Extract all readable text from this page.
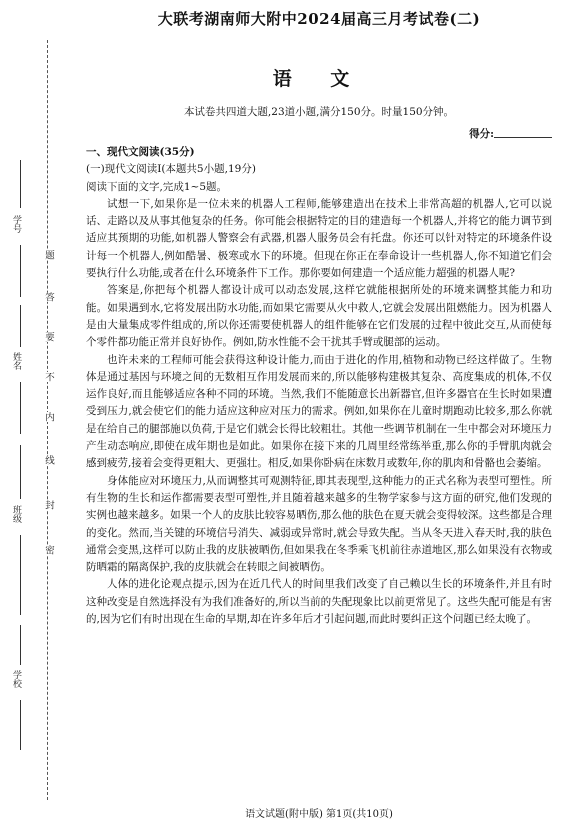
学号
姓名
班级
学校
密
封
线
内
不
要
答
题
大联考湖南师大附中2024届高三月考试卷(二)
语 文
本试卷共四道大题,23道小题,满分150分。时量150分钟。
得分:
一、现代文阅读(35分)
(一)现代文阅读Ⅰ(本题共5小题,19分)
阅读下面的文字,完成1~5题。

试想一下,如果你是一位未来的机器人工程师,能够建造出在技术上非常高超的机器人,它可以说话、走路以及从事其他复杂的任务。你可能会根据特定的目的建造每一个机器人,并将它的能力调节到适应其预期的功能,如机器人警察会有武器,机器人服务员会有托盘。你还可以针对特定的环境条件设计每一个机器人,例如酷暑、极寒或水下的环境。但现在你正在奉命设计一些机器人,你不知道它们会要执行什么功能,或者在什么环境条件下工作。那你要如何建造一个适应能力超强的机器人呢?

答案是,你把每个机器人都设计成可以动态发展,这样它就能根据所处的环境来调整其能力和功能。如果遇到水,它将发展出防水功能,而如果它需要从火中救人,它就会发展出阻燃能力。因为机器人是由大量集成零件组成的,所以你还需要使机器人的组件能够在它们发展的过程中彼此交互,从而使每个零件都功能正常并良好协作。例如,防水性能不会干扰其手臂或腿部的运动。

也许未来的工程师可能会获得这种设计能力,而由于进化的作用,植物和动物已经这样做了。生物体是通过基因与环境之间的无数相互作用发展而来的,所以能够构建极其复杂、高度集成的机体,不仅运作良好,而且能够适应各种不同的环境。当然,我们不能随意长出新器官,但许多器官在生长时如果遭受到压力,就会使它们的能力适应这种应对压力的需求。例如,如果你在儿童时期跑动比较多,那么你就是在给自己的腿部施以负荷,于是它们就会长得比较粗壮。其他一些调节机制在一生中都会对环境压力产生动态响应,即使在成年期也是如此。如果你在接下来的几周里经常练举重,那么你的手臂肌肉就会感到疲劳,接着会变得更粗大、更强壮。相反,如果你卧病在床数月或数年,你的肌肉和骨骼也会萎缩。

身体能应对环境压力,从而调整其可观测特征,即其表现型,这种能力的正式名称为表型可塑性。所有生物的生长和运作都需要表型可塑性,并且随着越来越多的生物学家参与这方面的研究,他们发现的实例也越来越多。如果一个人的皮肤比较容易晒伤,那么他的肤色在夏天就会变得较深。这些都是合理的变化。然而,当关键的环境信号消失、减弱或异常时,就会导致失配。当从冬天进入春天时,我的肤色通常会变黑,这样可以防止我的皮肤被晒伤,但如果我在冬季乘飞机前往赤道地区,那么如果没有衣物或防晒霜的隔离保护,我的皮肤就会在转眼之间被晒伤。

人体的进化论观点提示,因为在近几代人的时间里我们改变了自己赖以生长的环境条件,并且有时这种改变是自然选择没有为我们准备好的,所以当前的失配现象比以前更常见了。这些失配可能是有害的,因为它们有时出现在生命的早期,却在许多年后才引起问题,而此时要纠正这个问题已经太晚了。

语文试题(附中版) 第1页(共10页)
